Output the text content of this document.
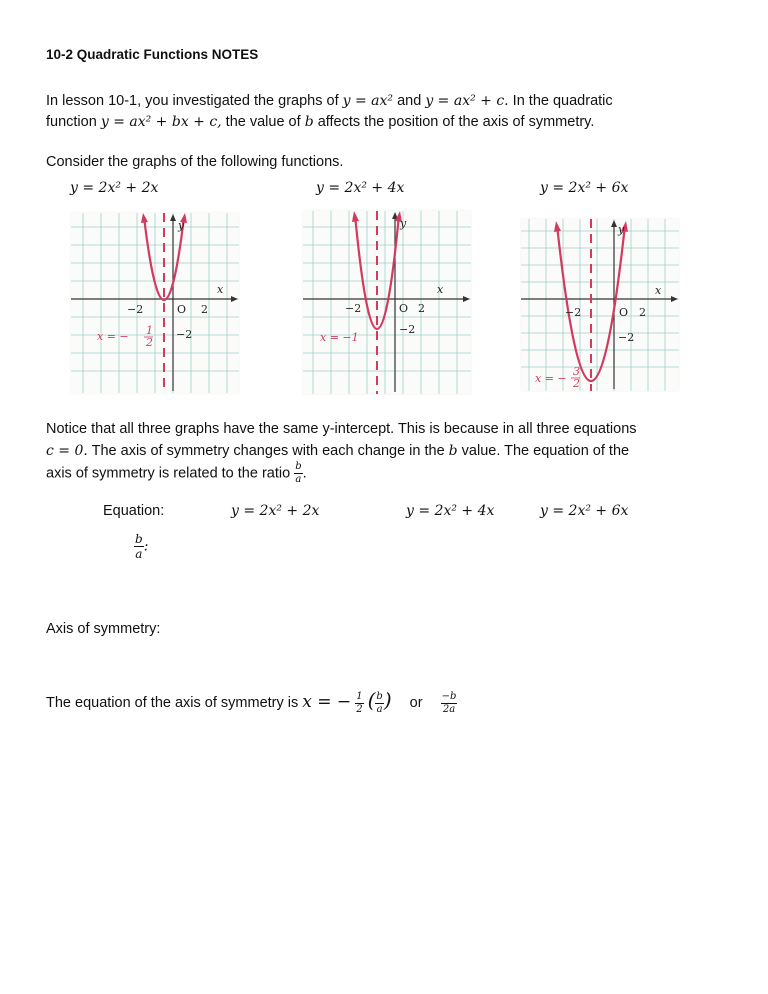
10-2 Quadratic Functions NOTES
In lesson 10-1, you investigated the graphs of y = ax² and y = ax² + c. In the quadratic
function y = ax² + bx + c, the value of b affects the position of the axis of symmetry.
Consider the graphs of the following functions.
y = 2x² + 2x	y = 2x² + 4x	y = 2x² + 6x
−2	O 2
−2
x
y
x = − 1
2
−2	O 2
−2
x
y
x = −1
−2	O 2
−2
x
y
x = −
3
2
Notice that all three graphs have the same y-intercept. This is because in all three equations
c = 0. The axis of symmetry changes with each change in the b value. The equation of the
axis of symmetry is related to the ratio $\frac{b}{a}$ .
Equation:	y = 2x² + 2x	y = 2x² + 4x	y = 2x² + 6x
$\frac{b}{a}$ :
Axis of symmetry:
The equation of the axis of symmetry is x = − $\frac{1}{2}$ ( $\frac{b}{a}$ ) or $\frac{-b}{2a}$
